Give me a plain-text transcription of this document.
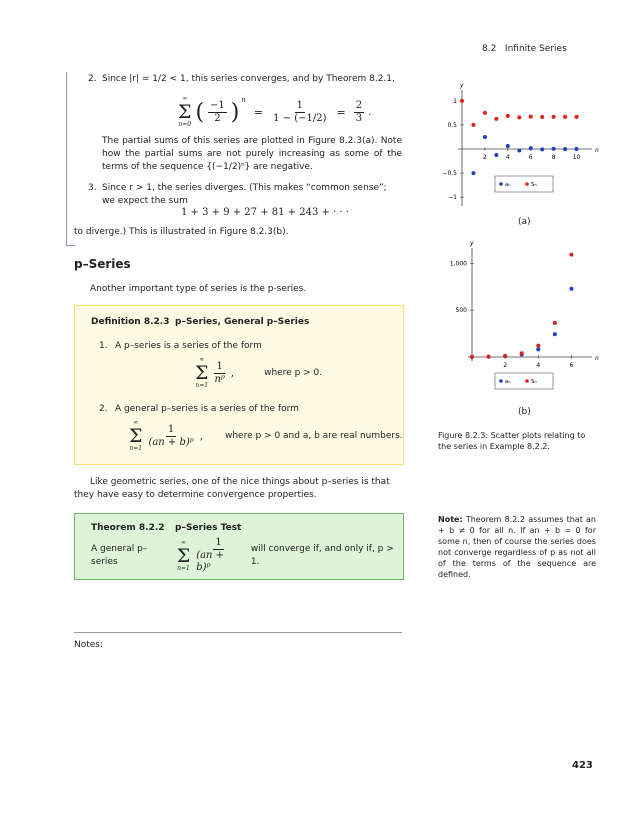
8.2 Infinite Series
2. Since |r| = 1/2 < 1, this series converges, and by Theorem 8.2.1,
∞
Σ
n=0 ( $\frac{-1}{2}$ ) n
= $\frac{1}{1 - (-1/2)} = \frac{2}{3}$ .
The partial sums of this series are plotted in Figure 8.2.3(a). Note how the partial sums are not purely increasing as some of the terms of the sequence {(−1/2)ⁿ} are negative.
3. Since r > 1, the series diverges. (This makes “common sense”; we expect the sum
1 + 3 + 9 + 27 + 81 + 243 + · · ·
to diverge.) This is illustrated in Figure 8.2.3(b).
p–Series
Another important type of series is the p-series.
Definition 8.2.3 p–Series, General p–Series
1. A p–series is a series of the form
∞
Σ
$n=1 \frac{1}{\text{nᵖ}}$ ,	where p > 0.
2. A general p–series is a series of the form
∞
Σ
$n=1 \frac{1}{\text{(an + b)ᵖ}}$ , where p > 0 and a, b are real numbers.
Like geometric series, one of the nice things about p–series is that they have easy to determine convergence properties.
Theorem 8.2.2 p–Series Test
A general p–series
∞
Σ
$n=1 \frac{1}{\text{(an + b)ᵖ}}$ will converge if, and only if, p > 1.
Notes:
n
y
2	4	6	8	10
−1
−0.5
0.5
1
aₙ	Sₙ
(a)
n
y
2	4	6
500
1,000
aₙ	Sₙ
(b)
Figure 8.2.3: Scatter plots relating to the series in Example 8.2.2.
Note: Theorem 8.2.2 assumes that an + b ≠ 0 for all n. If an + b = 0 for some n, then of course the series does not converge regardless of p as not all of the terms of the sequence are defined.
423
